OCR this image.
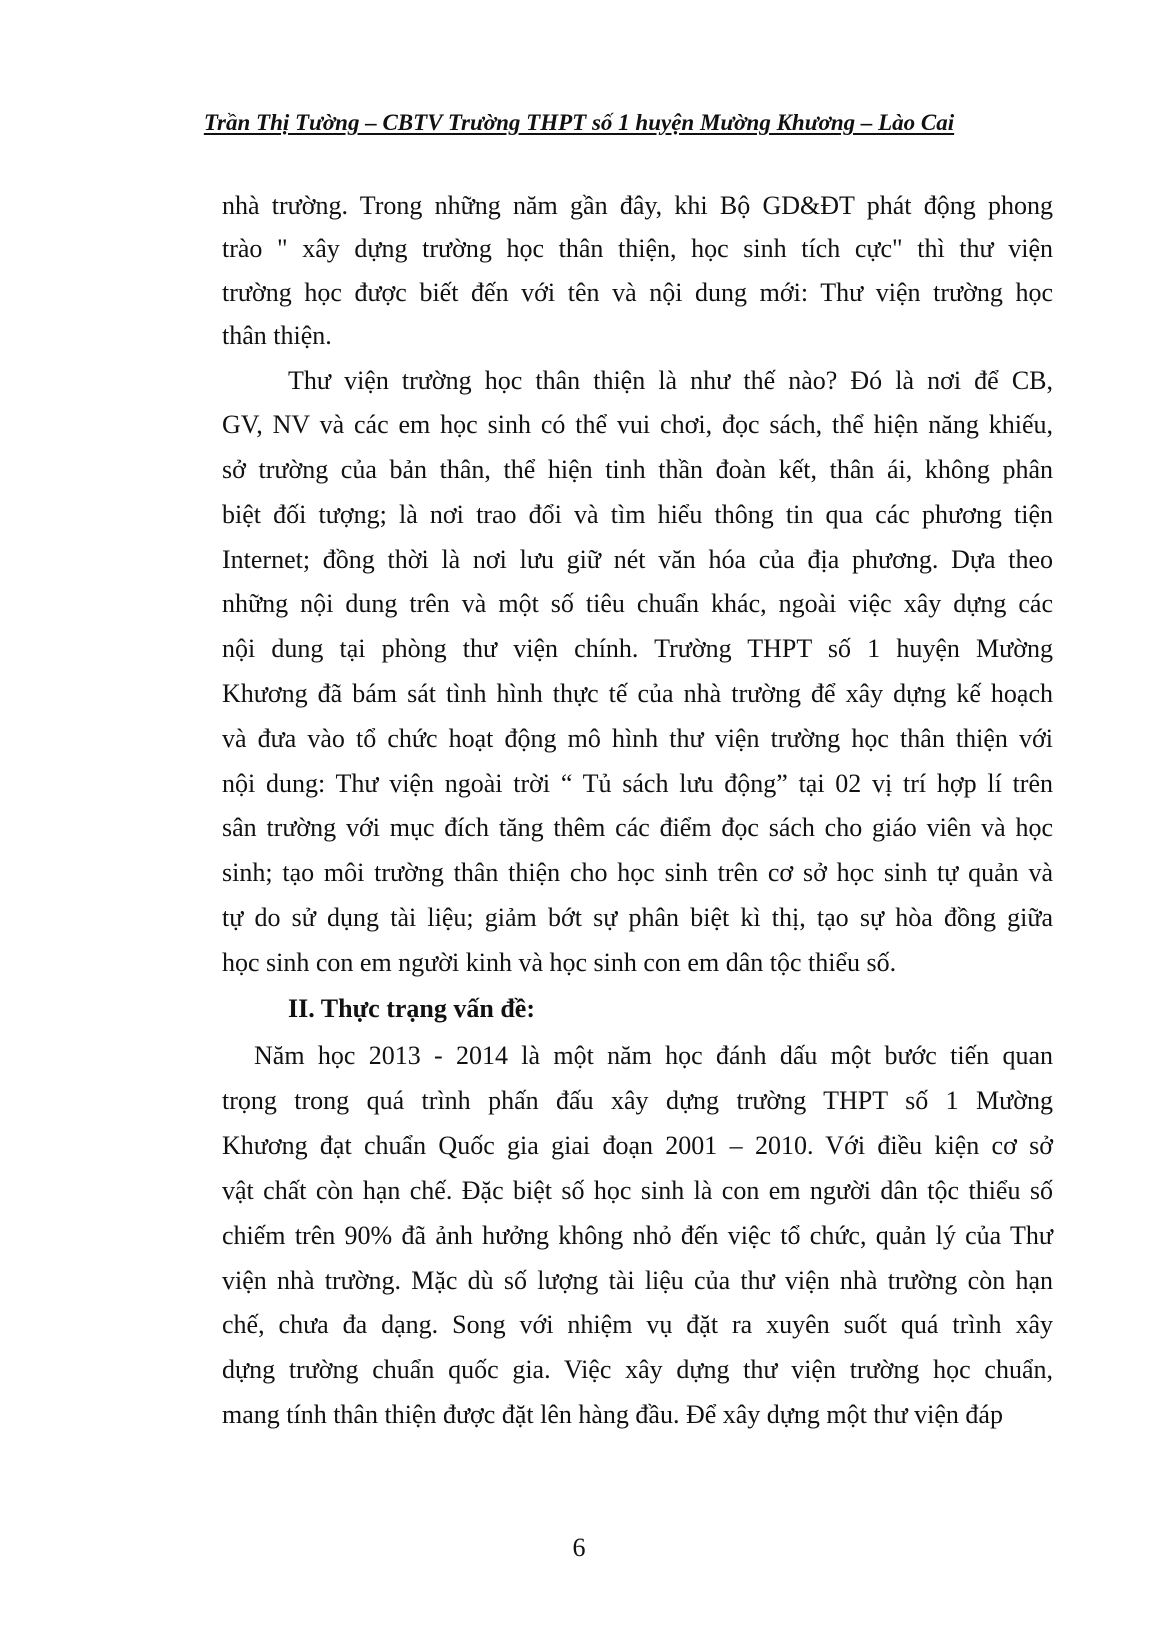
Trần Thị Tường – CBTV Trường THPT số 1 huyện Mường Khương – Lào Cai
nhà trường. Trong những năm gần đây, khi Bộ GD&ĐT phát động phong
trào " xây dựng trường học thân thiện, học sinh tích cực" thì thư viện
trường học được biết đến với tên và nội dung mới: Thư viện trường học
thân thiện.
Thư viện trường học thân thiện là như thế nào? Đó là nơi để CB,
GV, NV và các em học sinh có thể vui chơi, đọc sách, thể hiện năng khiếu,
sở trường của bản thân, thể hiện tinh thần đoàn kết, thân ái, không phân
biệt đối tượng; là nơi trao đổi và tìm hiểu thông tin qua các phương tiện
Internet; đồng thời là nơi lưu giữ nét văn hóa của địa phương. Dựa theo
những nội dung trên và một số tiêu chuẩn khác, ngoài việc xây dựng các
nội dung tại phòng thư viện chính. Trường THPT số 1 huyện Mường
Khương đã bám sát tình hình thực tế của nhà trường để xây dựng kế hoạch
và đưa vào tổ chức hoạt động mô hình thư viện trường học thân thiện với
nội dung: Thư viện ngoài trời “ Tủ sách lưu động” tại 02 vị trí hợp lí trên
sân trường với mục đích tăng thêm các điểm đọc sách cho giáo viên và học
sinh; tạo môi trường thân thiện cho học sinh trên cơ sở học sinh tự quản và
tự do sử dụng tài liệu; giảm bớt sự phân biệt kì thị, tạo sự hòa đồng giữa
học sinh con em người kinh và học sinh con em dân tộc thiểu số.
II. Thực trạng vấn đề:
Năm học 2013 - 2014 là một năm học đánh dấu một bước tiến quan
trọng trong quá trình phấn đấu xây dựng trường THPT số 1 Mường
Khương đạt chuẩn Quốc gia giai đoạn 2001 – 2010. Với điều kiện cơ sở
vật chất còn hạn chế. Đặc biệt số học sinh là con em người dân tộc thiểu số
chiếm trên 90% đã ảnh hưởng không nhỏ đến việc tổ chức, quản lý của Thư
viện nhà trường. Mặc dù số lượng tài liệu của thư viện nhà trường còn hạn
chế, chưa đa dạng. Song với nhiệm vụ đặt ra xuyên suốt quá trình xây
dựng trường chuẩn quốc gia. Việc xây dựng thư viện trường học chuẩn,
mang tính thân thiện được đặt lên hàng đầu. Để xây dựng một thư viện đáp
6
